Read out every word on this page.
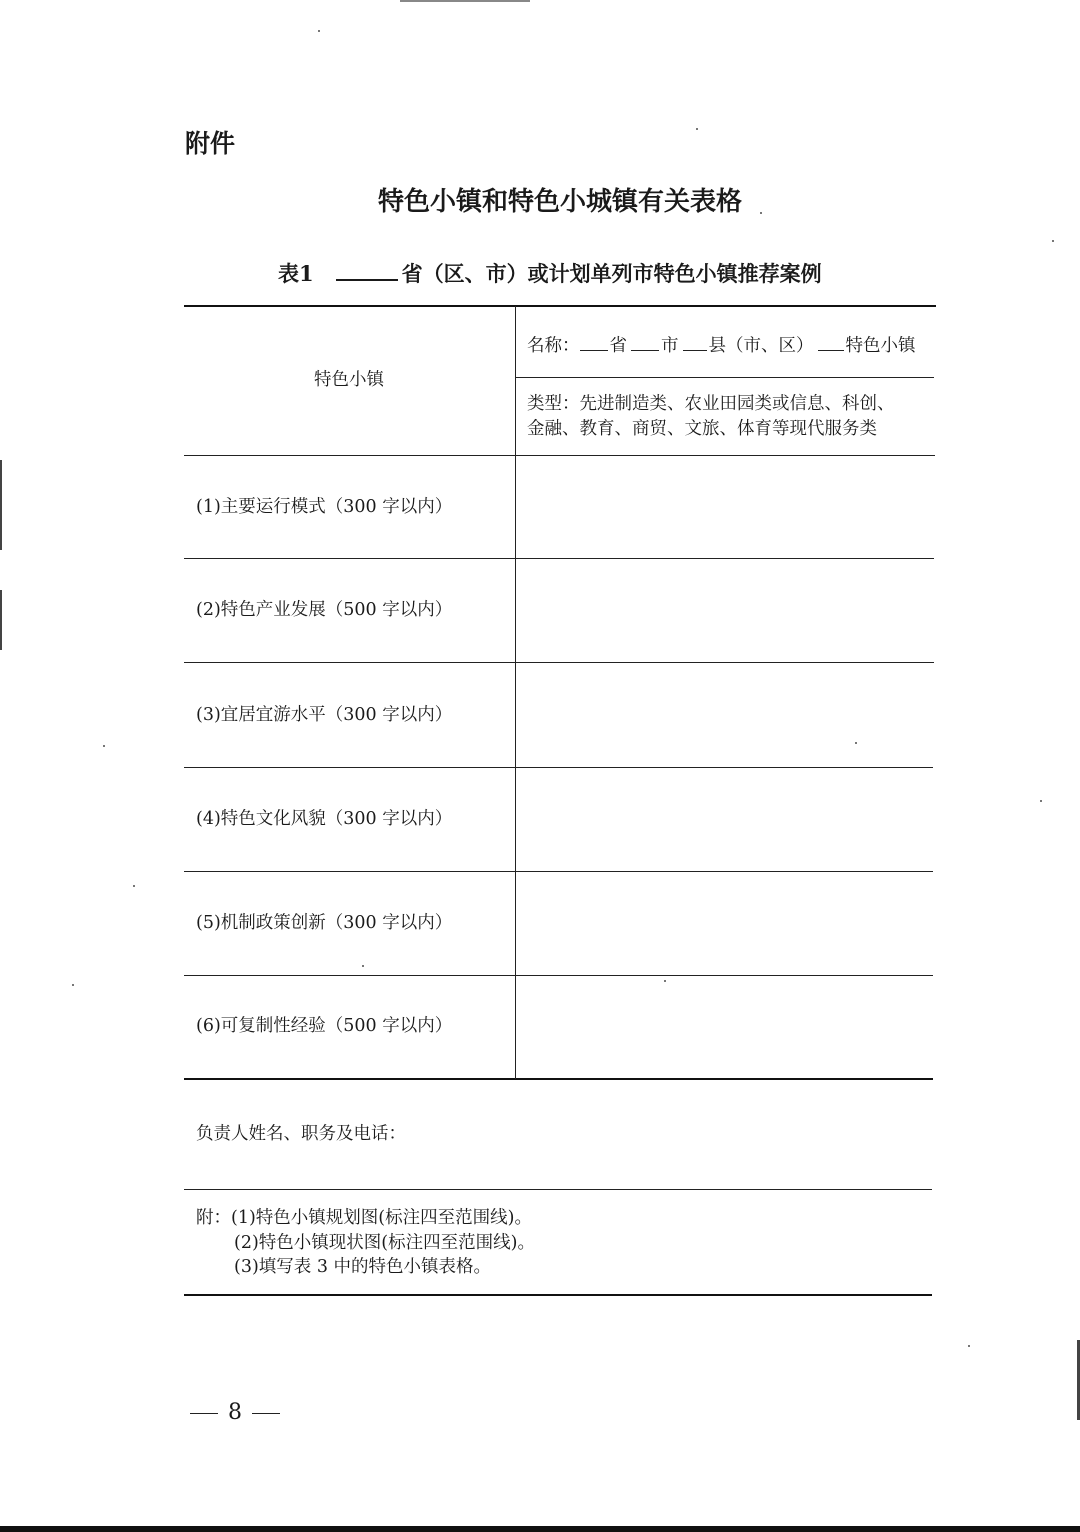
附件
特色小镇和特色小城镇有关表格
表1	省（区、市）或计划单列市特色小镇推荐案例
特色小镇
名称： 省 市 县（市、区） 特色小镇
类型：先进制造类、农业田园类或信息、科创、
金融、教育、商贸、文旅、体育等现代服务类
(1)主要运行模式（300 字以内）
(2)特色产业发展（500 字以内）
(3)宜居宜游水平（300 字以内）
(4)特色文化风貌（300 字以内）
(5)机制政策创新（300 字以内）
(6)可复制性经验（500 字以内）
负责人姓名、职务及电话：
附：(1)特色小镇规划图(标注四至范围线)。
(2)特色小镇现状图(标注四至范围线)。
(3)填写表 3 中的特色小镇表格。
8
